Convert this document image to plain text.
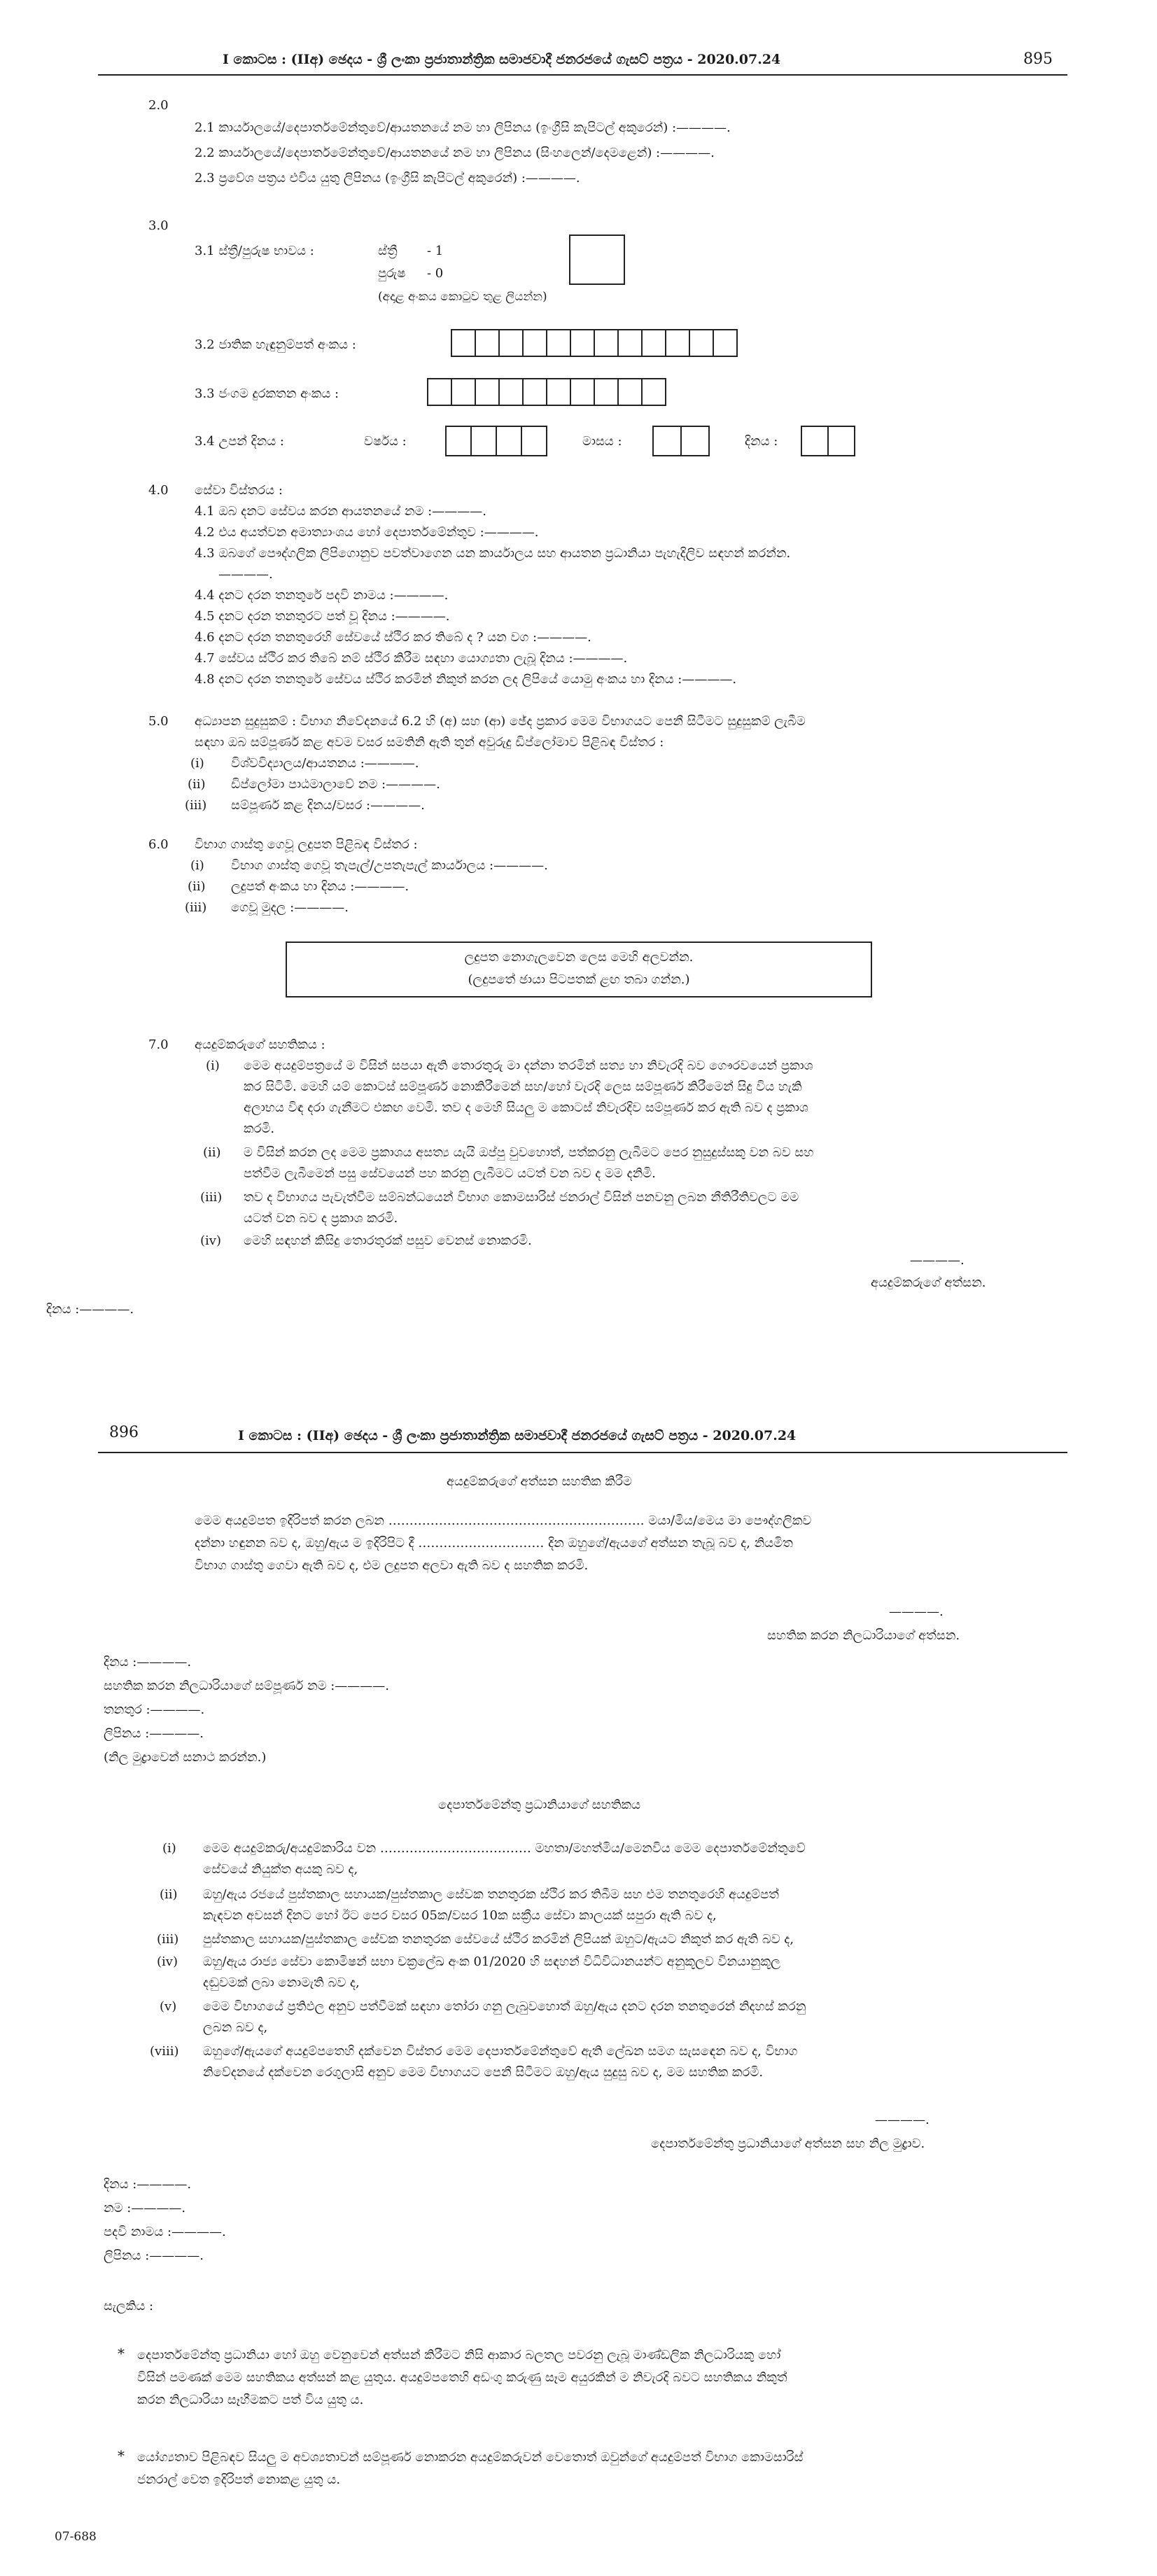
I කොටස : (IIඅ) ඡෙදය - ශ්‍රී ලංකා ප්‍රජාතාන්ත්‍රික සමාජවාදී ජනරජයේ ගැසට් පත්‍රය - 2020.07.24	895
2.0
2.1 කාර්යාලයේ/දෙපාර්තමේන්තුවේ/ආයතනයේ නම හා ලිපිනය (ඉංග්‍රීසි කැපිටල් අකුරෙන්) :————.
2.2 කාර්යාලයේ/දෙපාර්තමේන්තුවේ/ආයතනයේ නම හා ලිපිනය (සිංහලෙන්/දෙමළෙන්) :————.
2.3 ප්‍රවේශ පත්‍රය එවිය යුතු ලිපිනය (ඉංග්‍රීසි කැපිටල් අකුරෙන්) :————.
3.0
3.1 ස්ත්‍රී/පුරුෂ භාවය :	ස්ත්‍රී - 1
පුරුෂ - 0
(අදාළ අංකය කොටුව තුළ ලියන්න)
3.2 ජාතික හැඳුනුම්පත් අංකය :
3.3 ජංගම දුරකතන අංකය :
3.4 උපන් දිනය :	වර්ෂය :	මාසය :	දිනය :
4.0 සේවා විස්තරය :
4.1 ඔබ දනට සේවය කරන ආයතනයේ නම :————.
4.2 එය අයත්වන අමාත්‍යාංශය හෝ දෙපාර්තමේන්තුව :————.
4.3 ඔබගේ පෞද්ගලික ලිපිගොනුව පවත්වාගෙන යන කාර්යාලය සහ ආයතන ප්‍රධානියා පැහැදිලිව සඳහන් කරන්න.
————.
4.4 දනට දරන තනතුරේ පදවි නාමය :————.
4.5 දනට දරන තනතුරට පත් වූ දිනය :————.
4.6 දනට දරන තනතුරෙහි සේවයේ ස්ථිර කර තිබේ ද ? යන වග :————.
4.7 සේවය ස්ථිර කර තිබේ නම් ස්ථිර කිරීම සඳහා යොග්‍යතා ලැබූ දිනය :————.
4.8 දනට දරන තනතුරේ සේවය ස්ථිර කරමින් නිකුත් කරන ලද ලිපියේ යොමු අංකය හා දිනය :————.
5.0 අධ්‍යාපන සුදුසුකම් : විභාග නිවේදනයේ 6.2 හි (අ) සහ (ආ) ඡේද ප්‍රකාර මෙම විභාගයට පෙනී සිටීමට සුදුසුකම් ලැබීම
සඳහා ඔබ සම්පූර්ණ කළ අවම වසර සමතිනි ඇති තුන් අවුරුදු ඩිප්ලෝමාව පිළිබඳ විස්තර :
(i) විශ්වවිද්‍යාලය/ආයතනය :————.
(ii) ඩිප්ලෝමා පාඨමාලාවේ නම :————.
(iii) සම්පූර්ණ කළ දිනය/වසර :————.
6.0 විභාග ගාස්තු ගෙවූ ලදුපත පිළිබඳ විස්තර :
(i) විභාග ගාස්තු ගෙවූ තැපැල්/උපතැපැල් කාර්යාලය :————.
(ii) ලදුපත් අංකය හා දිනය :————.
(iii) ගෙවූ මුදල :————.
ලදුපත නොගැලවෙන ලෙස මෙහි අලවන්න.
(ලදුපතේ ඡායා පිටපතක් ළඟ තබා ගන්න.)
7.0 අයදුම්කරුගේ සහතිකය :
(i) මෙම අයදුම්පත්‍රයේ ම විසින් සපයා ඇති තොරතුරු මා දන්නා තරමින් සත්‍ය හා නිවැරදි බව ගෞරවයෙන් ප්‍රකාශ
කර සිටිමි. මෙහි යම් කොටස් සම්පූර්ණ නොකිරීමෙන් සහ/හෝ වැරදි ලෙස සම්පූර්ණ කිරීමෙන් සිදු විය හැකි
අලාභය විඳ දරා ගැනීමට එකඟ වෙමි. තව ද මෙහි සියලු ම කොටස් නිවැරදිව සම්පූර්ණ කර ඇති බව ද ප්‍රකාශ
කරමි.
(ii) ම විසින් කරන ලද මෙම ප්‍රකාශය අසත්‍ය යැයි ඔප්පු වුවහොත්, පත්කරනු ලැබීමට පෙර නුසුදුස්සකු වන බව සහ
පත්වීම ලැබීමෙන් පසු සේවයෙන් පහ කරනු ලැබීමට යටත් වන බව ද මම දනිමි.
(iii) තව ද විභාගය පැවැත්වීම සම්බන්ධයෙන් විභාග කොමසාරිස් ජනරාල් විසින් පනවනු ලබන නීතිරීතිවලට මම
යටත් වන බව ද ප්‍රකාශ කරමි.
(iv) මෙහි සඳහන් කිසිදු තොරතුරක් පසුව වෙනස් නොකරමි.
————.
අයදුම්කරුගේ අත්සන.
දිනය :————.
896	I කොටස : (IIඅ) ඡෙදය - ශ්‍රී ලංකා ප්‍රජාතාන්ත්‍රික සමාජවාදී ජනරජයේ ගැසට් පත්‍රය - 2020.07.24
අයදුම්කරුගේ අත්සන සහතික කිරීම
මෙම අයදුම්පත ඉදිරිපත් කරන ලබන ……………………………………………………. මයා/මිය/මෙය මා පෞද්ගලිකව
දන්නා හඳුනන බව ද, ඔහු/ඇය ම ඉදිරිපිට දී ………………………… දින ඔහුගේ/ඇයගේ අත්සන තැබූ බව ද, නියමිත
විභාග ගාස්තු ගෙවා ඇති බව ද, එම ලදුපත අලවා ඇති බව ද සහතික කරමි.
————.
සහතික කරන නිලධාරියාගේ අත්සන.
දිනය :————.
සහතික කරන නිලධාරියාගේ සම්පූර්ණ නම :————.
තනතුර :————.
ලිපිනය :————.
(නිල මුද්‍රාවෙන් සනාථ කරන්න.)
දෙපාර්තමේන්තු ප්‍රධානියාගේ සහතිකය
(i) මෙම අයදුම්කරු/අයදුම්කාරිය වන ……………………………… මහතා/මහත්මිය/මෙනවිය මෙම දෙපාර්තමේන්තුවේ
සේවයේ නියුක්ත අයකු බව ද,
(ii) ඔහු/ඇය රජයේ පුස්තකාල සහායක/පුස්තකාල සේවක තනතුරක ස්ථිර කර තිබීම සහ එම තනතුරෙහි අයදුම්පත්
කැඳවන අවසන් දිනට හෝ ඊට පෙර වසර 05ක/වසර 10ක සක්‍රීය සේවා කාලයක් සපුරා ඇති බව ද,
(iii) පුස්තකාල සහායක/පුස්තකාල සේවක තනතුරක සේවයේ ස්ථිර කරමින් ලිපියක් ඔහුට/ඇයට නිකුත් කර ඇති බව ද,
(iv) ඔහු/ඇය රාජ්‍ය සේවා කොමිෂන් සභා චක්‍රලේඛ අංක 01/2020 හි සඳහන් විධිවිධානයන්ට අනුකූලව විනයානුකූල
දඬුවමක් ලබා නොමැති බව ද,
(v) මෙම විභාගයේ ප්‍රතිඵල අනුව පත්වීමක් සඳහා තෝරා ගනු ලැබුවහොත් ඔහු/ඇය දනට දරන තනතුරෙන් නිදහස් කරනු
ලබන බව ද,
(viii) ඔහුගේ/ඇයගේ අයදුම්පතෙහි දක්වෙන විස්තර මෙම දෙපාර්තමේන්තුවේ ඇති ලේඛන සමග සැසඳෙන බව ද, විභාග
නිවේදනයේ දක්වෙන රෙගුලාසි අනුව මෙම විභාගයට පෙනී සිටීමට ඔහු/ඇය සුදුසු බව ද, මම සහතික කරමි.
————.
දෙපාර්තමේන්තු ප්‍රධානියාගේ අත්සන සහ නිල මුද්‍රාව.
දිනය :————.
නම :————.
පදවි නාමය :————.
ලිපිනය :————.
සැලකිය :
* දෙපාර්තමේන්තු ප්‍රධානියා හෝ ඔහු වෙනුවෙන් අත්සන් කිරීමට නිසි ආකාර බලතල පවරනු ලැබූ මාණ්ඩලික නිලධාරියකු හෝ
විසින් පමණක් මෙම සහතිකය අත්සන් කළ යුතුය. අයදුම්පතෙහි අඩංගු කරුණු සෑම අයුරකින් ම නිවැරදි බවට සහතිකය නිකුත්
කරන නිලධාරියා සෑහීමකට පත් විය යුතු ය.
* යෝග්‍යතාව පිළිබඳව සියලු ම අවශ්‍යතාවන් සම්පූර්ණ නොකරන අයදුම්කරුවන් වෙතොත් ඔවුන්ගේ අයදුම්පත් විභාග කොමසාරිස්
ජනරාල් වෙත ඉදිරිපත් නොකළ යුතු ය.
07-688
